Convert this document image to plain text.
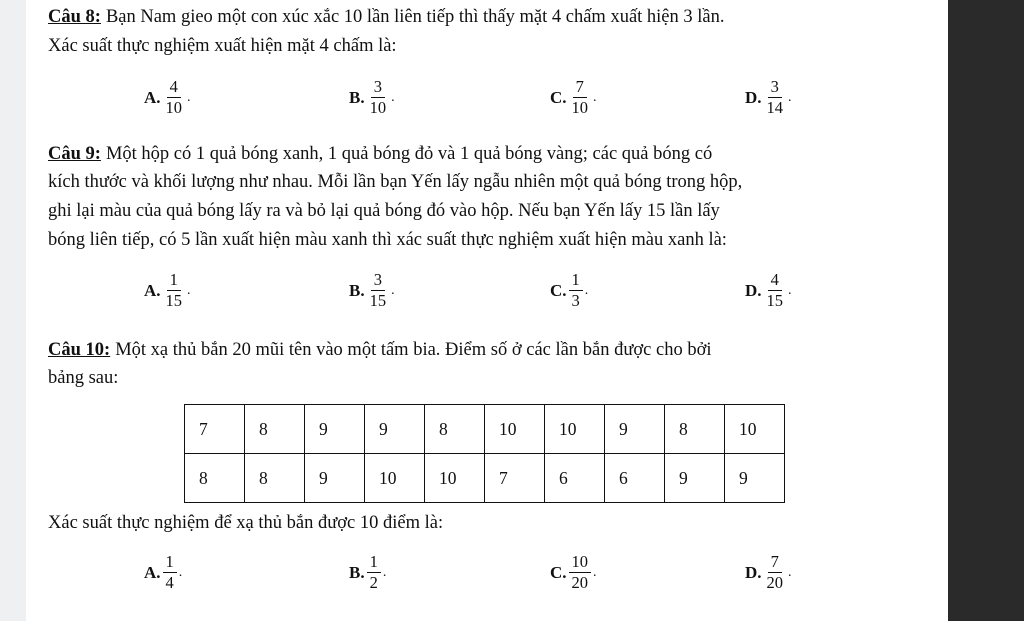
Câu 8: Bạn Nam gieo một con xúc xắc 10 lần liên tiếp thì thấy mặt 4 chấm xuất hiện 3 lần.
Xác suất thực nghiệm xuất hiện mặt 4 chấm là:
A. $\frac{4}{10}$ .	B. $\frac{3}{10}$ .	C. $\frac{7}{10}$ .	D. $\frac{3}{14}$ .
Câu 9: Một hộp có 1 quả bóng xanh, 1 quả bóng đỏ và 1 quả bóng vàng; các quả bóng có
kích thước và khối lượng như nhau. Mỗi lần bạn Yến lấy ngẫu nhiên một quả bóng trong hộp,
ghi lại màu của quả bóng lấy ra và bỏ lại quả bóng đó vào hộp. Nếu bạn Yến lấy 15 lần lấy
bóng liên tiếp, có 5 lần xuất hiện màu xanh thì xác suất thực nghiệm xuất hiện màu xanh là:
A. $\frac{1}{15}$ .	B. $\frac{3}{15}$ .	C. $\frac{1}{3}$ .	D. $\frac{4}{15}$ .
Câu 10: Một xạ thủ bắn 20 mũi tên vào một tấm bia. Điểm số ở các lần bắn được cho bởi
bảng sau:
7	8	9	9	8	10	10	9	8	10
8	8	9	10	10	7	6	6	9	9
Xác suất thực nghiệm để xạ thủ bắn được 10 điểm là:
A. $\frac{1}{4}$ .	B. $\frac{1}{2}$ .	C. $\frac{10}{20}$ .	D. $\frac{7}{20}$ .
